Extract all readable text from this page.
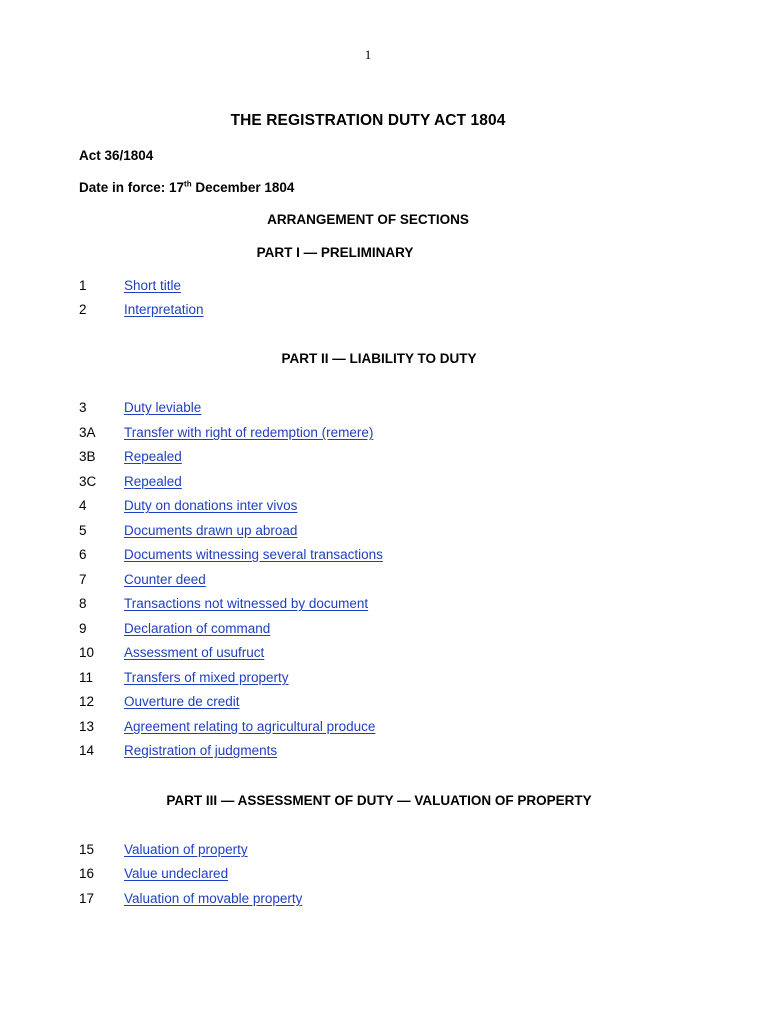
1
THE REGISTRATION DUTY ACT 1804
Act 36/1804
Date in force: 17th December 1804
ARRANGEMENT OF SECTIONS
PART I — PRELIMINARY
1	Short title
2	Interpretation
PART II — LIABILITY TO DUTY
3	Duty leviable
3A Transfer with right of redemption (remere)
3B Repealed
3C Repealed
4	Duty on donations inter vivos
5	Documents drawn up abroad
6	Documents witnessing several transactions
7	Counter deed
8	Transactions not witnessed by document
9	Declaration of command
10 Assessment of usufruct
11 Transfers of mixed property
12 Ouverture de credit
13 Agreement relating to agricultural produce
14 Registration of judgments
PART III — ASSESSMENT OF DUTY — VALUATION OF PROPERTY
15 Valuation of property
16 Value undeclared
17 Valuation of movable property
